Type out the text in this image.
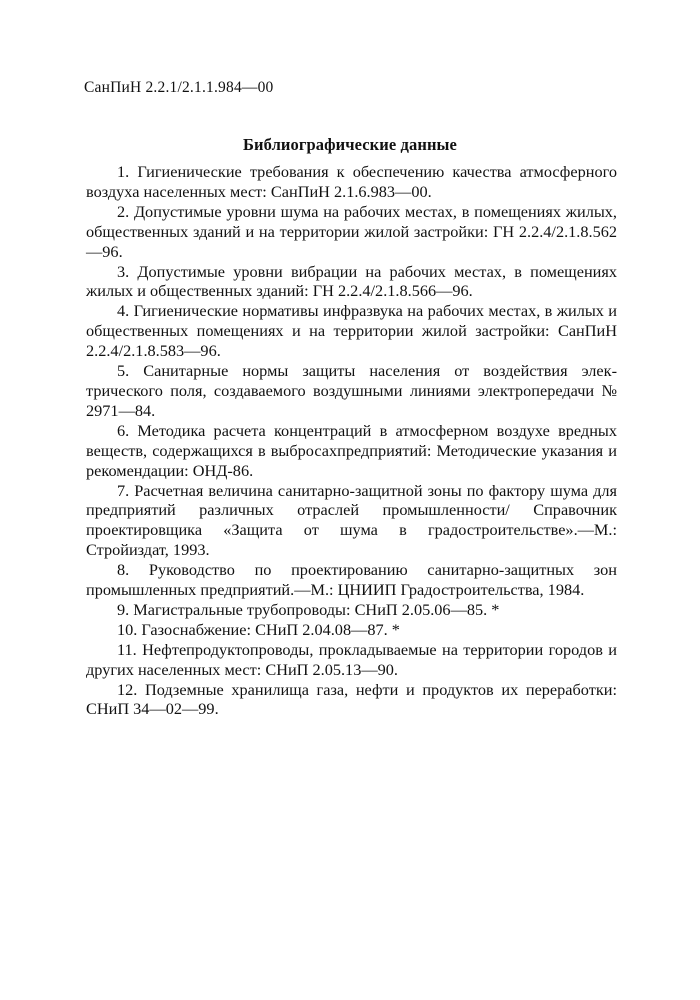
СанПиН 2.2.1/2.1.1.984—00
Библиографические данные
1. Гигиенические требования к обеспечению качества атмосферного воздуха населенных мест: СанПиН 2.1.6.983—00.
2. Допустимые уровни шума на рабочих местах, в помещениях жилых, общественных зданий и на территории жилой застройки: ГН 2.2.4/2.1.8.562—96.
3. Допустимые уровни вибрации на рабочих местах, в помещениях жилых и общественных зданий: ГН 2.2.4/2.1.8.566—96.
4. Гигиенические нормативы инфразвука на рабочих местах, в жилых и общественных помещениях и на территории жилой застройки: СанПиН 2.2.4/2.1.8.583—96.
5. Санитарные нормы защиты населения от воздействия электрического поля, создаваемого воздушными линиями электропередачи № 2971—84.
6. Методика расчета концентраций в атмосферном воздухе вредных веществ, содержащихся в выбросахпредприятий: Методические указания и рекомендации: ОНД-86.
7. Расчетная величина санитарно-защитной зоны по фактору шума для предприятий различных отраслей промышленности/ Справочник проектировщика «Защита от шума в градостроительстве».—М.: Стройиздат, 1993.
8. Руководство по проектированию санитарно-защитных зон промышленных предприятий.—М.: ЦНИИП Градостроительства, 1984.
9. Магистральные трубопроводы: СНиП 2.05.06—85. *
10. Газоснабжение: СНиП 2.04.08—87. *
11. Нефтепродуктопроводы, прокладываемые на территории городов и других населенных мест: СНиП 2.05.13—90.
12. Подземные хранилища газа, нефти и продуктов их переработки: СНиП 34—02—99.
